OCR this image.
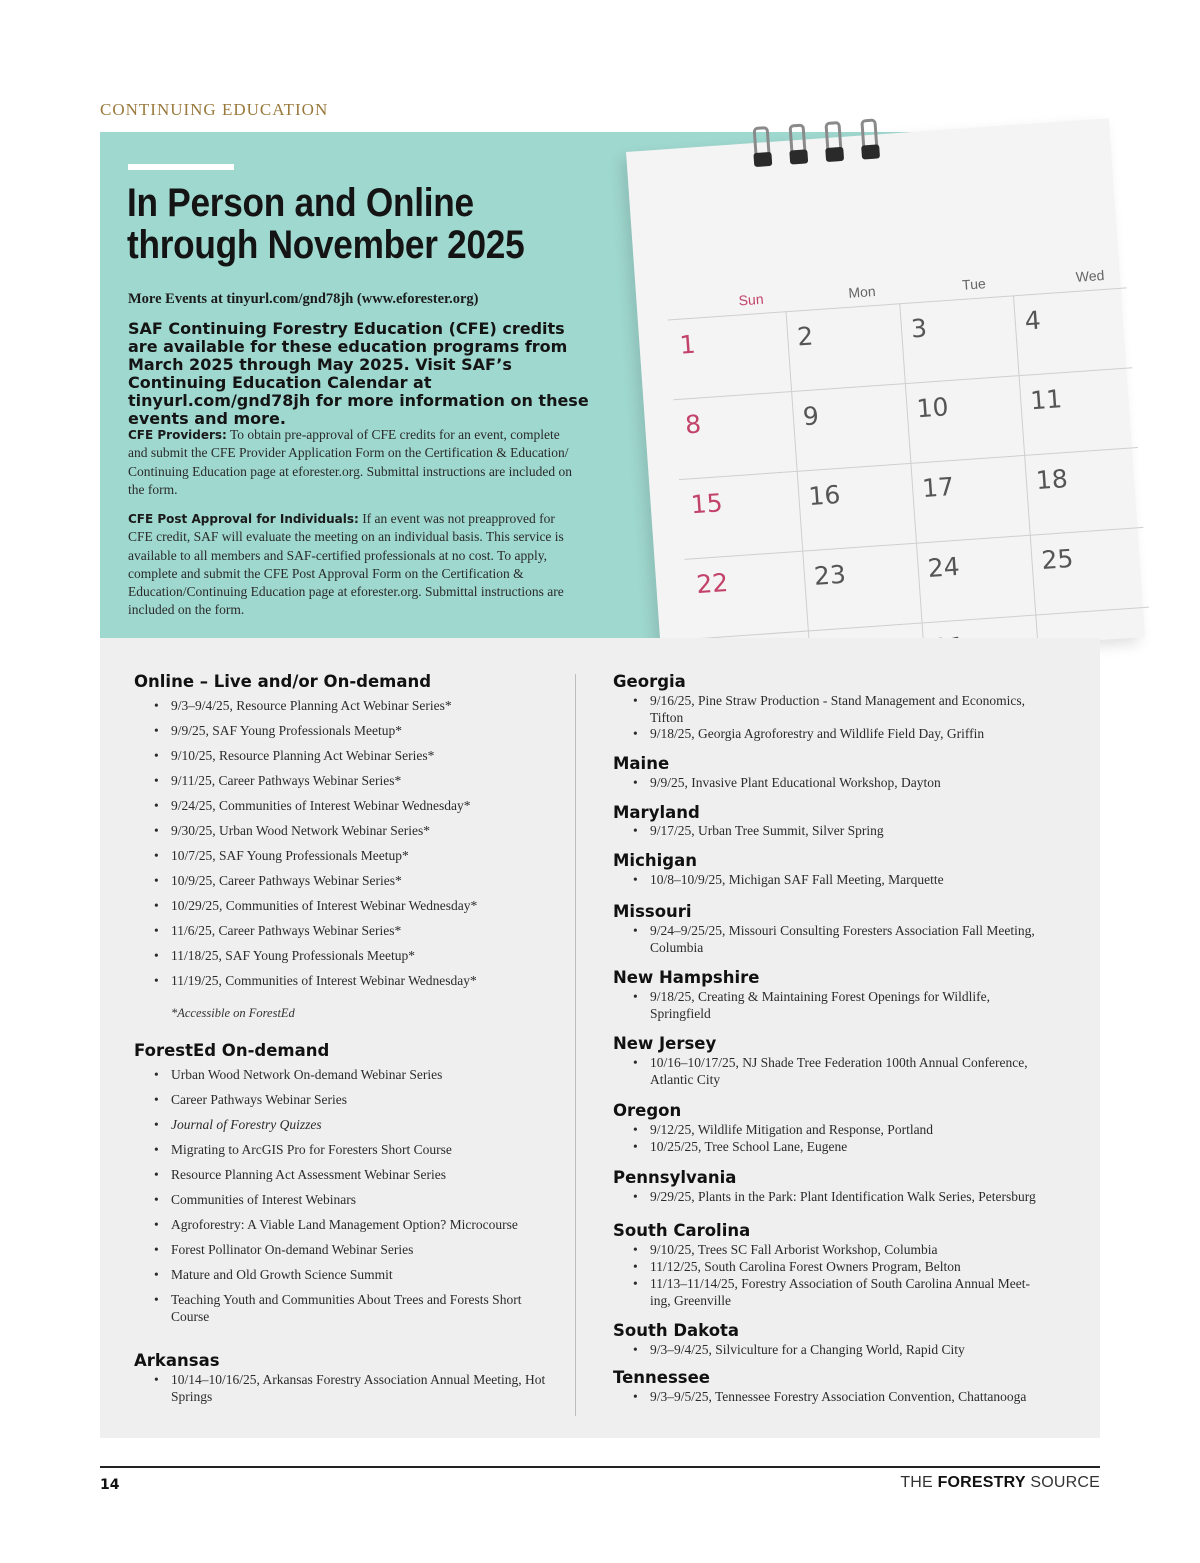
CONTINUING EDUCATION
In Person and Online
through November 2025
More Events at tinyurl.com/gnd78jh (www.eforester.org)
SAF Continuing Forestry Education (CFE) credits are available for these education programs from March 2025 through May 2025. Visit SAF’s Continuing Education Calendar at tinyurl.com/gnd78jh for more information on these events and more.
CFE Providers: To obtain pre-approval of CFE credits for an event, complete and submit the CFE Provider Application Form on the Certification & Education/ Continuing Education page at eforester.org. Submittal instructions are included on the form.
CFE Post Approval for Individuals: If an event was not preapproved for CFE credit, SAF will evaluate the meeting on an individual basis. This service is available to all members and SAF-certified professionals at no cost. To apply, complete and submit the CFE Post Approval Form on the Certification & Education/Continuing Education page at eforester.org. Submittal instructions are included on the form.
Sun	Mon	Tue	Wed
1	2	3	4
8	9	10	11
15	16	17	18
22	23	24	25
Online – Live and/or On-demand
• 9/3–9/4/25, Resource Planning Act Webinar Series*
• 9/9/25, SAF Young Professionals Meetup*
• 9/10/25, Resource Planning Act Webinar Series*
• 9/11/25, Career Pathways Webinar Series*
• 9/24/25, Communities of Interest Webinar Wednesday*
• 9/30/25, Urban Wood Network Webinar Series*
• 10/7/25, SAF Young Professionals Meetup*
• 10/9/25, Career Pathways Webinar Series*
• 10/29/25, Communities of Interest Webinar Wednesday*
• 11/6/25, Career Pathways Webinar Series*
• 11/18/25, SAF Young Professionals Meetup*
• 11/19/25, Communities of Interest Webinar Wednesday*
*Accessible on ForestEd
ForestEd On-demand
• Urban Wood Network On-demand Webinar Series
• Career Pathways Webinar Series
• Journal of Forestry Quizzes
• Migrating to ArcGIS Pro for Foresters Short Course
• Resource Planning Act Assessment Webinar Series
• Communities of Interest Webinars
• Agroforestry: A Viable Land Management Option? Microcourse
• Forest Pollinator On-demand Webinar Series
• Mature and Old Growth Science Summit
• Teaching Youth and Communities About Trees and Forests Short Course
Arkansas
• 10/14–10/16/25, Arkansas Forestry Association Annual Meeting, Hot Springs
Georgia
• 9/16/25, Pine Straw Production - Stand Management and Economics, Tifton
• 9/18/25, Georgia Agroforestry and Wildlife Field Day, Griffin
Maine
• 9/9/25, Invasive Plant Educational Workshop, Dayton
Maryland
• 9/17/25, Urban Tree Summit, Silver Spring
Michigan
• 10/8–10/9/25, Michigan SAF Fall Meeting, Marquette
Missouri
• 9/24–9/25/25, Missouri Consulting Foresters Association Fall Meeting, Columbia
New Hampshire
• 9/18/25, Creating & Maintaining Forest Openings for Wildlife, Springfield
New Jersey
• 10/16–10/17/25, NJ Shade Tree Federation 100th Annual Conference, Atlantic City
Oregon
• 9/12/25, Wildlife Mitigation and Response, Portland
• 10/25/25, Tree School Lane, Eugene
Pennsylvania
• 9/29/25, Plants in the Park: Plant Identification Walk Series, Petersburg
South Carolina
• 9/10/25, Trees SC Fall Arborist Workshop, Columbia
• 11/12/25, South Carolina Forest Owners Program, Belton
• 11/13–11/14/25, Forestry Association of South Carolina Annual Meet-ing, Greenville
South Dakota
• 9/3–9/4/25, Silviculture for a Changing World, Rapid City
Tennessee
• 9/3–9/5/25, Tennessee Forestry Association Convention, Chattanooga
14	THE FORESTRY SOURCE
